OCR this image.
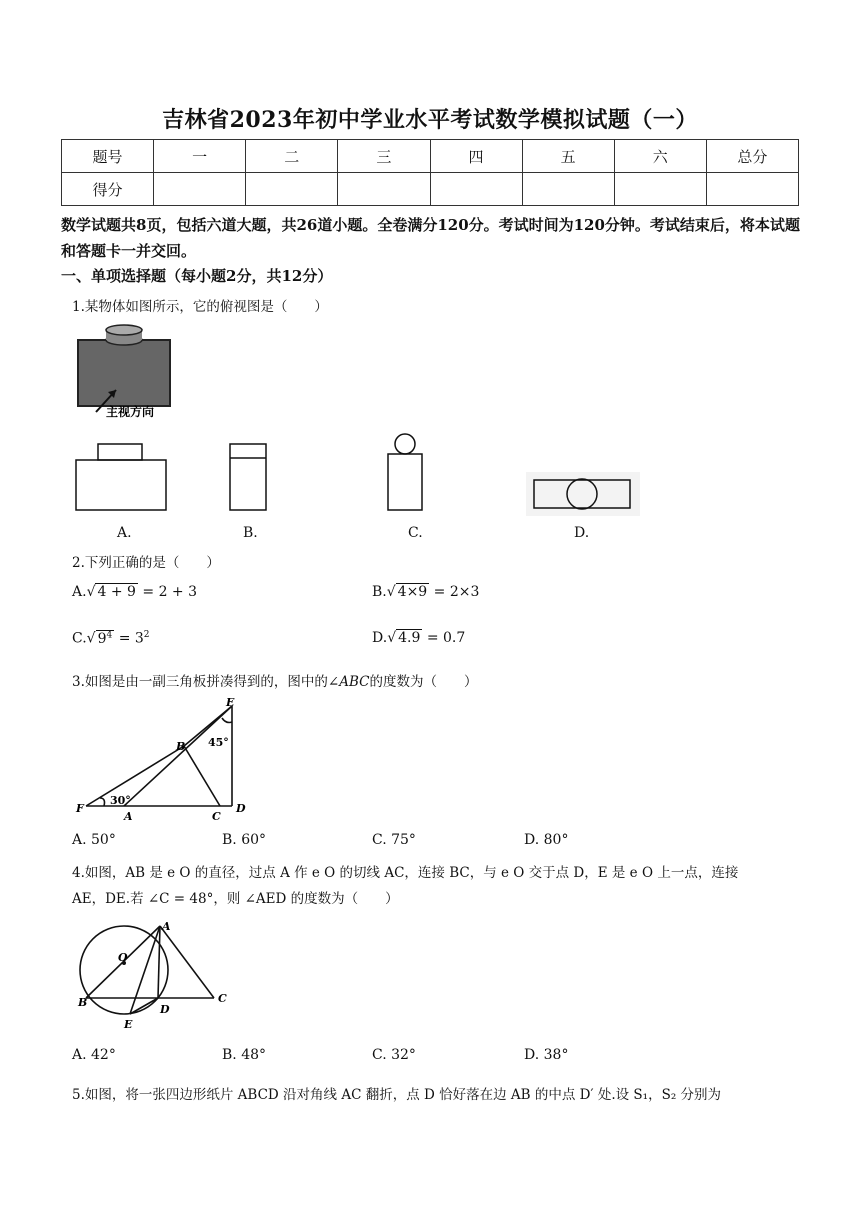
吉林省2023年初中学业水平考试数学模拟试题（一）
题号	一	二	三	四	五	六	总分
得分							
数学试题共8页，包括六道大题，共26道小题。全卷满分120分。考试时间为120分钟。考试结束后，将本试题和答题卡一并交回。
一、单项选择题（每小题2分，共12分）
1.某物体如图所示，它的俯视图是（　　）
主视方向
A.	B.	C.	D.
2.下列正确的是（　　）
A.√ 4 + 9 = 2 + 3	B.√ 4×9 = 2×3
C.√ $9^4 = 3^2$	D.√ 4.9 = 0.7
3.如图是由一副三角板拼凑得到的，图中的∠ABC的度数为（　　）
E
B
F
A	C
D
45°
30°
A. 50°	B. 60°	C. 75°	D. 80°
4.如图，AB 是 e O 的直径，过点 A 作 e O 的切线 AC，连接 BC，与 e O 交于点 D，E 是 e O 上一点，连接
AE，DE.若 ∠C = 48°，则 ∠AED 的度数为（　　）
A
O
B	C
D
E
A. 42°	B. 48°	C. 32°	D. 38°
5.如图，将一张四边形纸片 ABCD 沿对角线 AC 翻折，点 D 恰好落在边 AB 的中点 D′ 处.设 S₁，S₂ 分别为
